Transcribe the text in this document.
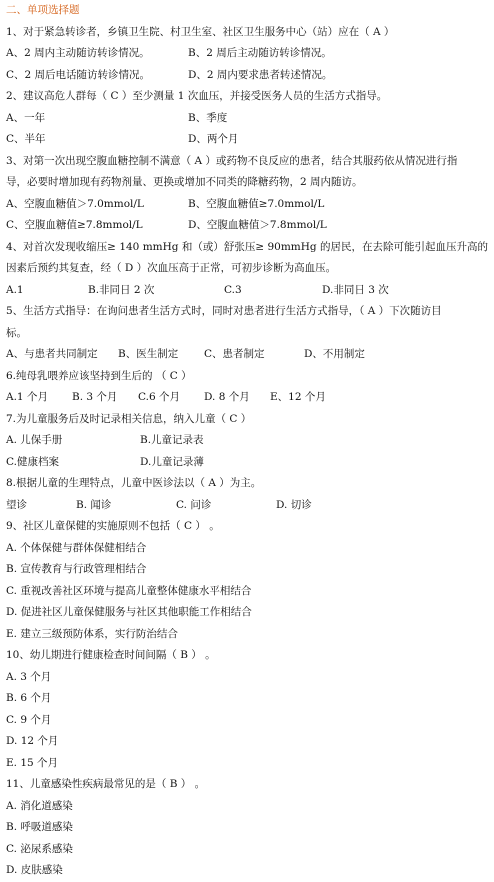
二、单项选择题
1、对于紧急转诊者，乡镇卫生院、村卫生室、社区卫生服务中心（站）应在（ A ）
A、2 周内主动随访转诊情况。	B、2 周后主动随访转诊情况。
C、2 周后电话随访转诊情况。	D、2 周内要求患者转述情况。
2、建议高危人群每（ C ）至少测量 1 次血压，并接受医务人员的生活方式指导。
A、一年	B、季度
C、半年	D、两个月
3、对第一次出现空腹血糖控制不满意（ A ）或药物不良反应的患者，结合其服药依从情况进行指
导，必要时增加现有药物剂量、更换或增加不同类的降糖药物，2 周内随访。
A、空腹血糖值＞7.0mmol/L	B、空腹血糖值≥7.0mmol/L
C、空腹血糖值≥7.8mmol/L	D、空腹血糖值＞7.8mmol/L
4、对首次发现收缩压≥ 140 mmHg 和（或）舒张压≥ 90mmHg 的居民，在去除可能引起血压升高的
因素后预约其复查，经（ D ）次血压高于正常，可初步诊断为高血压。
A.1	B.非同日 2 次	C.3	D.非同日 3 次
5、生活方式指导：在询问患者生活方式时，同时对患者进行生活方式指导，（ A ）下次随访目
标。
A、与患者共同制定	B、医生制定	C、患者制定	D、不用制定
6.纯母乳喂养应该坚持到生后的 （ C ）
A.1 个月	B. 3 个月	C.6 个月	D. 8 个月	E、12 个月
7.为儿童服务后及时记录相关信息，纳入儿童（ C ）
A. 儿保手册	B.儿童记录表
C.健康档案	D.儿童记录薄
8.根据儿童的生理特点，儿童中医诊法以（ A ）为主。
望诊	B. 闻诊	C. 问诊	D. 切诊
9、社区儿童保健的实施原则不包括（ C ） 。
A. 个体保健与群体保健相结合
B. 宣传教育与行政管理相结合
C. 重视改善社区环境与提高儿童整体健康水平相结合
D. 促进社区儿童保健服务与社区其他职能工作相结合
E. 建立三级预防体系，实行防治结合
10、幼儿期进行健康检查时间间隔（ B ） 。
A. 3 个月
B. 6 个月
C. 9 个月
D. 12 个月
E. 15 个月
11、儿童感染性疾病最常见的是（ B ） 。
A. 消化道感染
B. 呼吸道感染
C. 泌尿系感染
D. 皮肤感染
